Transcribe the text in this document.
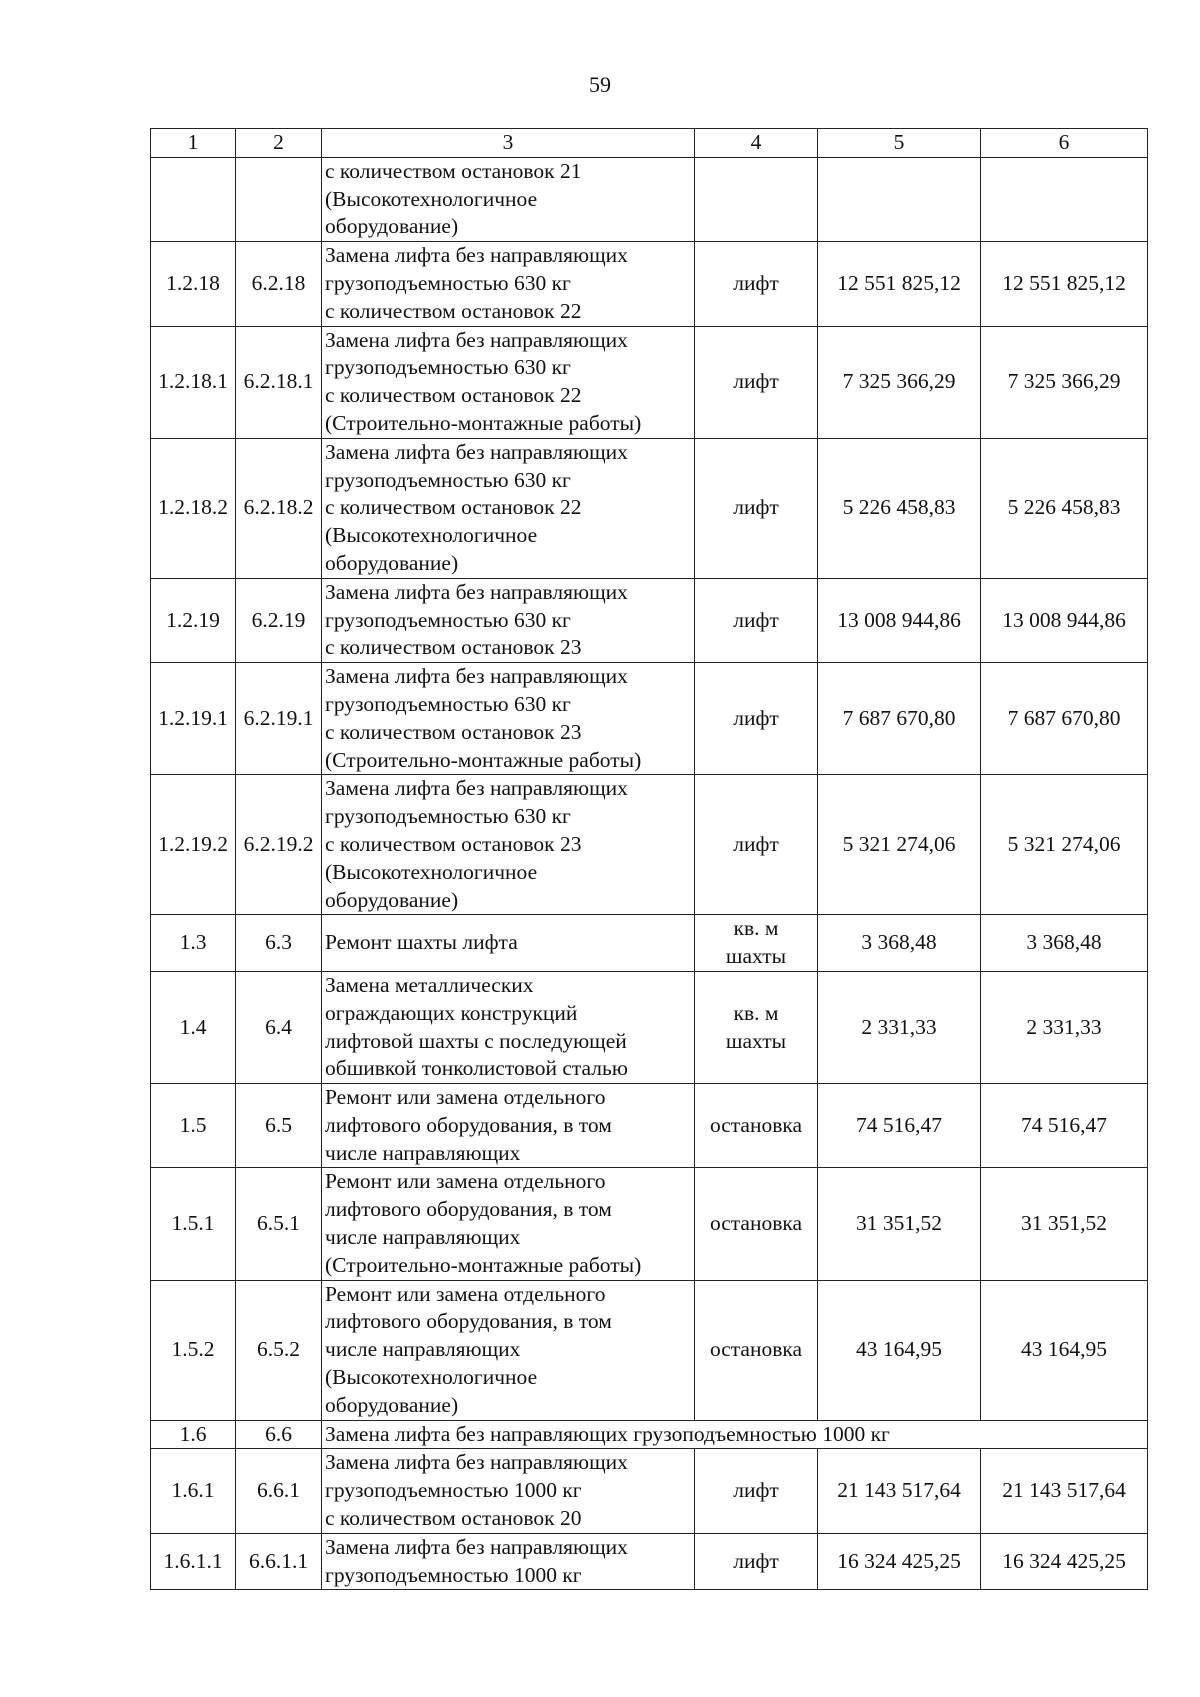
59
1	2	3	4	5	6

		с количеством остановок 21
(Высокотехнологичное
оборудование)			

1.2.18	6.2.18	Замена лифта без направляющих
грузоподъемностью 630 кг
с количеством остановок 22	лифт	12 551 825,12	12 551 825,12
1.2.18.1	6.2.18.1	Замена лифта без направляющих
грузоподъемностью 630 кг
с количеством остановок 22
(Строительно-монтажные работы)	лифт	7 325 366,29	7 325 366,29
1.2.18.2	6.2.18.2	Замена лифта без направляющих
грузоподъемностью 630 кг
с количеством остановок 22
(Высокотехнологичное
оборудование)	лифт	5 226 458,83	5 226 458,83
1.2.19	6.2.19	Замена лифта без направляющих
грузоподъемностью 630 кг
с количеством остановок 23	лифт	13 008 944,86	13 008 944,86
1.2.19.1	6.2.19.1	Замена лифта без направляющих
грузоподъемностью 630 кг
с количеством остановок 23
(Строительно-монтажные работы)	лифт	7 687 670,80	7 687 670,80
1.2.19.2	6.2.19.2	Замена лифта без направляющих
грузоподъемностью 630 кг
с количеством остановок 23
(Высокотехнологичное
оборудование)	лифт	5 321 274,06	5 321 274,06
1.3	6.3	Ремонт шахты лифта	кв. м
шахты	3 368,48	3 368,48
1.4	6.4	Замена металлических
ограждающих конструкций
лифтовой шахты с последующей
обшивкой тонколистовой сталью	кв. м
шахты	2 331,33	2 331,33
1.5	6.5	Ремонт или замена отдельного
лифтового оборудования, в том
числе направляющих	остановка	74 516,47	74 516,47
1.5.1	6.5.1	Ремонт или замена отдельного
лифтового оборудования, в том
числе направляющих
(Строительно-монтажные работы)	остановка	31 351,52	31 351,52
1.5.2	6.5.2	Ремонт или замена отдельного
лифтового оборудования, в том
числе направляющих
(Высокотехнологичное
оборудование)	остановка	43 164,95	43 164,95
1.6	6.6	Замена лифта без направляющих грузоподъемностью 1000 кг			

1.6.1	6.6.1	Замена лифта без направляющих
грузоподъемностью 1000 кг
с количеством остановок 20	лифт	21 143 517,64	21 143 517,64
1.6.1.1	6.6.1.1	Замена лифта без направляющих
грузоподъемностью 1000 кг	лифт	16 324 425,25	16 324 425,25
